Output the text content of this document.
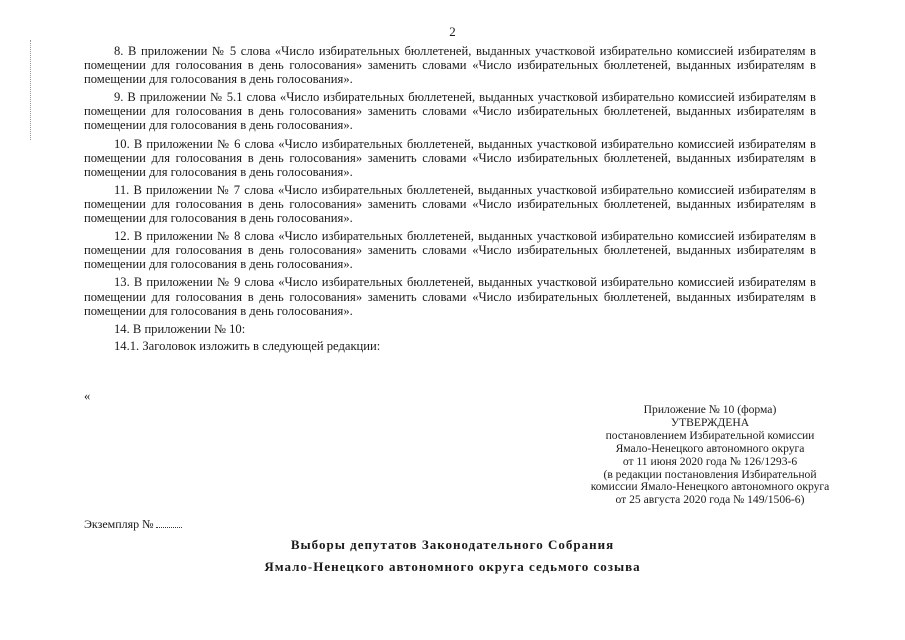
2

8. В приложении № 5 слова «Число избирательных бюллетеней, выданных участковой избирательно комиссией избирателям в помещении для голосования в день голосования» заменить словами «Число избирательных бюллетеней, выданных избирателям в помещении для голосования в день голосования».

9. В приложении № 5.1 слова «Число избирательных бюллетеней, выданных участковой избирательно комиссией избирателям в помещении для голосования в день голосования» заменить словами «Число избирательных бюллетеней, выданных избирателям в помещении для голосования в день голосования».

10. В приложении № 6 слова «Число избирательных бюллетеней, выданных участковой избирательно комиссией избирателям в помещении для голосования в день голосования» заменить словами «Число избирательных бюллетеней, выданных избирателям в помещении для голосования в день голосования».

11. В приложении № 7 слова «Число избирательных бюллетеней, выданных участковой избирательно комиссией избирателям в помещении для голосования в день голосования» заменить словами «Число избирательных бюллетеней, выданных избирателям в помещении для голосования в день голосования».

12. В приложении № 8 слова «Число избирательных бюллетеней, выданных участковой избирательно комиссией избирателям в помещении для голосования в день голосования» заменить словами «Число избирательных бюллетеней, выданных избирателям в помещении для голосования в день голосования».

13. В приложении № 9 слова «Число избирательных бюллетеней, выданных участковой избирательно комиссией избирателям в помещении для голосования в день голосования» заменить словами «Число избирательных бюллетеней, выданных избирателям в помещении для голосования в день голосования».

14. В приложении № 10:

14.1. Заголовок изложить в следующей редакции:

«
Приложение № 10 (форма)
УТВЕРЖДЕНА
постановлением Избирательной комиссии
Ямало-Ненецкого автономного округа
от 11 июня 2020 года № 126/1293-6
(в редакции постановления Избирательной
комиссии Ямало-Ненецкого автономного округа
от 25 августа 2020 года № 149/1506-6)
Экземпляр №
Выборы депутатов Законодательного Собрания
Ямало-Ненецкого автономного округа седьмого созыва
